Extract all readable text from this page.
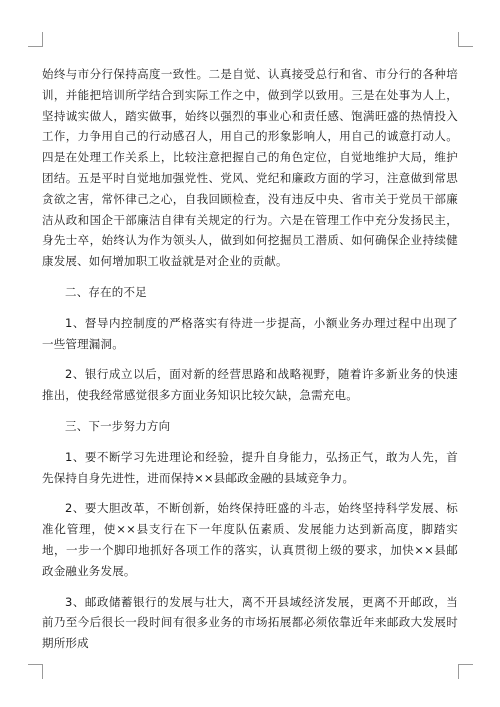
始终与市分行保持高度一致性。二是自觉、认真接受总行和省、市分行的各种培训，并能把培训所学结合到实际工作之中，做到学以致用。三是在处事为人上，坚持诚实做人，踏实做事，始终以强烈的事业心和责任感、饱满旺盛的热情投入工作，力争用自己的行动感召人，用自己的形象影响人，用自己的诚意打动人。四是在处理工作关系上，比较注意把握自己的角色定位，自觉地维护大局，维护团结。五是平时自觉地加强党性、党风、党纪和廉政方面的学习，注意做到常思贪欲之害，常怀律己之心，自我回顾检查，没有违反中央、省市关于党员干部廉洁从政和国企干部廉洁自律有关规定的行为。六是在管理工作中充分发扬民主，身先士卒，始终认为作为领头人，做到如何挖掘员工潜质、如何确保企业持续健康发展、如何增加职工收益就是对企业的贡献。

二、存在的不足

1、督导内控制度的严格落实有待进一步提高，小额业务办理过程中出现了一些管理漏洞。

2、银行成立以后，面对新的经营思路和战略视野，随着许多新业务的快速推出，使我经常感觉很多方面业务知识比较欠缺，急需充电。

三、下一步努力方向

1、要不断学习先进理论和经验，提升自身能力，弘扬正气，敢为人先，首先保持自身先进性，进而保持××县邮政金融的县域竞争力。

2、要大胆改革，不断创新，始终保持旺盛的斗志，始终坚持科学发展、标准化管理，使××县支行在下一年度队伍素质、发展能力达到新高度，脚踏实地，一步一个脚印地抓好各项工作的落实，认真贯彻上级的要求，加快××县邮政金融业务发展。

3、邮政储蓄银行的发展与壮大，离不开县域经济发展，更离不开邮政，当前乃至今后很长一段时间有很多业务的市场拓展都必须依靠近年来邮政大发展时期所形成
